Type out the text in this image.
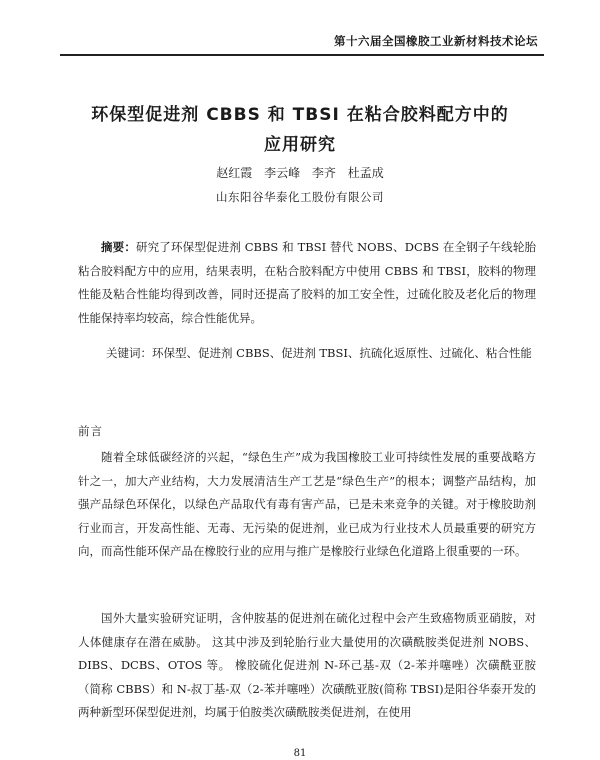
第十六届全国橡胶工业新材料技术论坛
环保型促进剂 CBBS 和 TBSI 在粘合胶料配方中的
应用研究
赵红霞 李云峰 李齐 杜孟成
山东阳谷华泰化工股份有限公司
摘要：研究了环保型促进剂 CBBS 和 TBSI 替代 NOBS、DCBS 在全钢子午线轮胎粘合胶料配方中的应用，结果表明，在粘合胶料配方中使用 CBBS 和 TBSI，胶料的物理性能及粘合性能均得到改善，同时还提高了胶料的加工安全性，过硫化胶及老化后的物理性能保持率均较高，综合性能优异。
关键词：环保型、促进剂 CBBS、促进剂 TBSI、抗硫化返原性、过硫化、粘合性能
前言
随着全球低碳经济的兴起，“绿色生产”成为我国橡胶工业可持续性发展的重要战略方针之一，加大产业结构，大力发展清洁生产工艺是“绿色生产”的根本；调整产品结构，加强产品绿色环保化，以绿色产品取代有毒有害产品，已是未来竞争的关键。对于橡胶助剂行业而言，开发高性能、无毒、无污染的促进剂，业已成为行业技术人员最重要的研究方向，而高性能环保产品在橡胶行业的应用与推广是橡胶行业绿色化道路上很重要的一环。
国外大量实验研究证明，含仲胺基的促进剂在硫化过程中会产生致癌物质亚硝胺，对人体健康存在潜在威胁。 这其中涉及到轮胎行业大量使用的次磺酰胺类促进剂 NOBS、DIBS、DCBS、OTOS 等。 橡胶硫化促进剂 N-环己基-双（2-苯并噻唑）次磺酰亚胺（简称 CBBS）和 N-叔丁基-双（2-苯并噻唑）次磺酰亚胺(简称 TBSI)是阳谷华泰开发的两种新型环保型促进剂，均属于伯胺类次磺酰胺类促进剂，在使用
81
